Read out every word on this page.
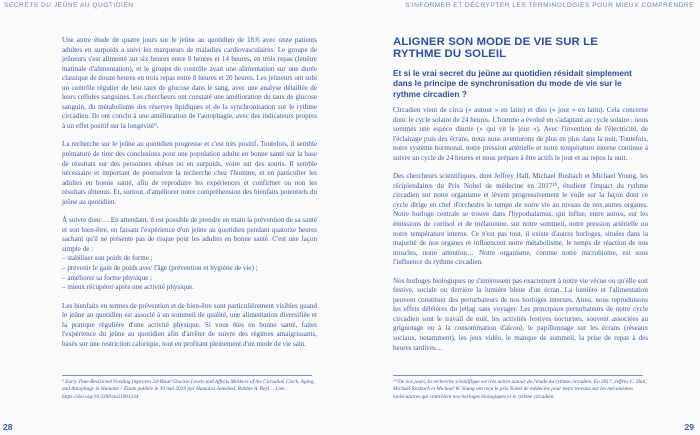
SECRETS DU JEÛNE AU QUOTIDIEN

Une autre étude de quatre jours sur le jeûne au quotidien de 18:6 avec onze patients adultes en surpoids a suivi les marqueurs de maladies cardiovasculaires. Le groupe de jeûneurs s'est alimenté sur six heures entre 8 heures et 14 heures, en trois repas (fenêtre matinale d'alimentation), et le groupe de contrôle avait une alimentation sur une durée classique de douze heures en trois repas entre 8 heures et 20 heures. Les jeûneurs ont subi un contrôle régulier de leur taux de glucose dans le sang, avec une analyse détaillée de leurs cellules sanguines. Les chercheurs ont constaté une amélioration du taux de glucose sanguin, du métabolisme des réserves lipidiques et de la synchronisation sur le rythme circadien. Ils ont conclu à une amélioration de l'autophagie, avec des indicateurs propres à un effet positif sur la longévité⁹.

La recherche sur le jeûne au quotidien progresse et c'est très positif. Toutefois, il semble prématuré de tirer des conclusions pour une population adulte en bonne santé sur la base de résultats sur des personnes obèses ou en surpoids, voire sur des souris. Il semble nécessaire et important de poursuivre la recherche chez l'homme, et en particulier les adultes en bonne santé, afin de reproduire les expériences et confirmer ou non les résultats obtenus. Et, surtout, d'améliorer notre compréhension des bienfaits potentiels du jeûne au quotidien.

À suivre donc… En attendant, il est possible de prendre en main la prévention de sa santé et son bien-être, en faisant l'expérience d'un jeûne au quotidien pendant quatorze heures sachant qu'il ne présente pas de risque pour les adultes en bonne santé. C'est une façon simple de :

– stabiliser son poids de forme ;
– prévenir le gain de poids avec l'âge (prévention et hygiène de vie) ;
– améliorer sa forme physique ;
– mieux récupérer après une activité physique.

Les bienfaits en termes de prévention et de bien-être sont particulièrement visibles quand le jeûne au quotidien est associé à un sommeil de qualité, une alimentation diversifiée et la pratique régulière d'une activité physique. Si vous êtes en bonne santé, faites l'expérience du jeûne au quotidien afin d'arrêter de suivre des régimes amaigrissants, basés sur une restriction calorique, tout en profitant pleinement d'un mode de vie sain.

⁹ Early Time-Restricted Feeding Improves 24-Hour Glucose Levels and Affects Markers of the Circadian Clock, Aging, and Autophagy in Humans – Étude publiée le 30 mai 2019 par Humaira Jamshed, Robbie A. Beyl… Lien : https://doi.org/10.3390/nu11061234
28
S'INFORMER ET DÉCRYPTER LES TERMINOLOGIES POUR MIEUX COMPRENDRE
¹⁰ De nos jours, la recherche scientifique est très active autour de l'étude du rythme circadien. En 2017, Jeffrey C. Hall, Michael Rosbach et Michael W. Young ont reçu le prix Nobel de médecine pour leurs travaux sur les mécanismes moléculaires qui contrôlent nos horloges biologiques et le rythme circadien.
29
ALIGNER SON MODE DE VIE SUR LE RYTHME DU SOLEIL

Et si le vrai secret du jeûne au quotidien résidait simplement dans le principe de synchronisation du mode de vie sur le rythme circadien ?

Circadien vient de circa (« autour » en latin) et dies (« jour » en latin). Cela concerne donc le cycle solaire de 24 heures. L'homme a évolué en s'adaptant au cycle solaire ; nous sommes une espèce diurne (« qui vit le jour »). Avec l'invention de l'électricité, de l'éclairage puis des écrans, nous nous aventurons de plus en plus dans la nuit. Toutefois, notre système hormonal, notre pression artérielle et notre température interne continue à suivre un cycle de 24 heures et nous prépare à être actifs le jour et au repos la nuit.

Des chercheurs scientifiques, dont Jeffrey Hall, Michael Rosbach et Michael Young, les récipiendaires du Prix Nobel de médecine en 2017¹⁰, étudient l'impact du rythme circadien sur notre organisme et lèvent progressivement le voile sur la façon dont ce cycle dirige en chef d'orchestre le tempo de notre vie au niveau de nos autres organes. Notre horloge centrale se trouve dans l'hypothalamus, qui influe, entre autres, sur les émissions de cortisol et de mélatonine, sur notre sommeil, notre pression artérielle ou notre température interne. Ce n'est pas tout, il existe d'autres horloges, situées dans la majorité de nos organes et influencent notre métabolisme, le temps de réaction de nos muscles, notre attention… Notre organisme, comme notre microbiome, est sous l'influence du rythme circadien.

Nos horloges biologiques ne s'intéressent pas exactement à notre vie vécue ou qu'elle soit festive, sociale ou derrière la lumière bleue d'un écran. La lumière et l'alimentation peuvent constituer des perturbateurs de nos horloges internes. Ainsi, nous reproduisons les effets délétères du jetlag sans voyager. Les principaux perturbateurs de notre cycle circadien sont le travail de nuit, les activités festives nocturnes, souvent associées au grignotage ou à la consommation d'alcool, le papillonnage sur les écrans (réseaux sociaux, notamment), les jeux vidéo, le manque de sommeil, la prise de repas à des heures tardives…
